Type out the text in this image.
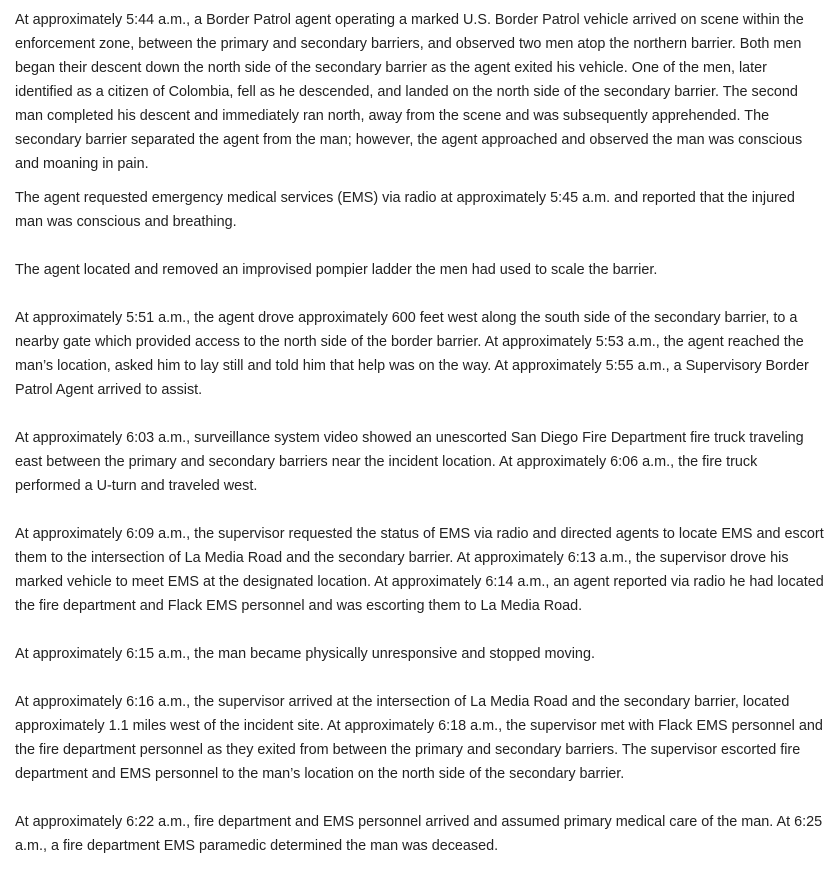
At approximately 5:44 a.m., a Border Patrol agent operating a marked U.S. Border Patrol vehicle arrived on scene within the enforcement zone, between the primary and secondary barriers, and observed two men atop the northern barrier. Both men began their descent down the north side of the secondary barrier as the agent exited his vehicle. One of the men, later identified as a citizen of Colombia, fell as he descended, and landed on the north side of the secondary barrier. The second man completed his descent and immediately ran north, away from the scene and was subsequently apprehended. The secondary barrier separated the agent from the man; however, the agent approached and observed the man was conscious and moaning in pain.

The agent requested emergency medical services (EMS) via radio at approximately 5:45 a.m. and reported that the injured man was conscious and breathing.

The agent located and removed an improvised pompier ladder the men had used to scale the barrier.

At approximately 5:51 a.m., the agent drove approximately 600 feet west along the south side of the secondary barrier, to a nearby gate which provided access to the north side of the border barrier. At approximately 5:53 a.m., the agent reached the man’s location, asked him to lay still and told him that help was on the way. At approximately 5:55 a.m., a Supervisory Border Patrol Agent arrived to assist.

At approximately 6:03 a.m., surveillance system video showed an unescorted San Diego Fire Department fire truck traveling east between the primary and secondary barriers near the incident location. At approximately 6:06 a.m., the fire truck performed a U-turn and traveled west.

At approximately 6:09 a.m., the supervisor requested the status of EMS via radio and directed agents to locate EMS and escort them to the intersection of La Media Road and the secondary barrier. At approximately 6:13 a.m., the supervisor drove his marked vehicle to meet EMS at the designated location. At approximately 6:14 a.m., an agent reported via radio he had located the fire department and Flack EMS personnel and was escorting them to La Media Road.

At approximately 6:15 a.m., the man became physically unresponsive and stopped moving.

At approximately 6:16 a.m., the supervisor arrived at the intersection of La Media Road and the secondary barrier, located approximately 1.1 miles west of the incident site. At approximately 6:18 a.m., the supervisor met with Flack EMS personnel and the fire department personnel as they exited from between the primary and secondary barriers. The supervisor escorted fire department and EMS personnel to the man’s location on the north side of the secondary barrier.

At approximately 6:22 a.m., fire department and EMS personnel arrived and assumed primary medical care of the man. At 6:25 a.m., a fire department EMS paramedic determined the man was deceased.
